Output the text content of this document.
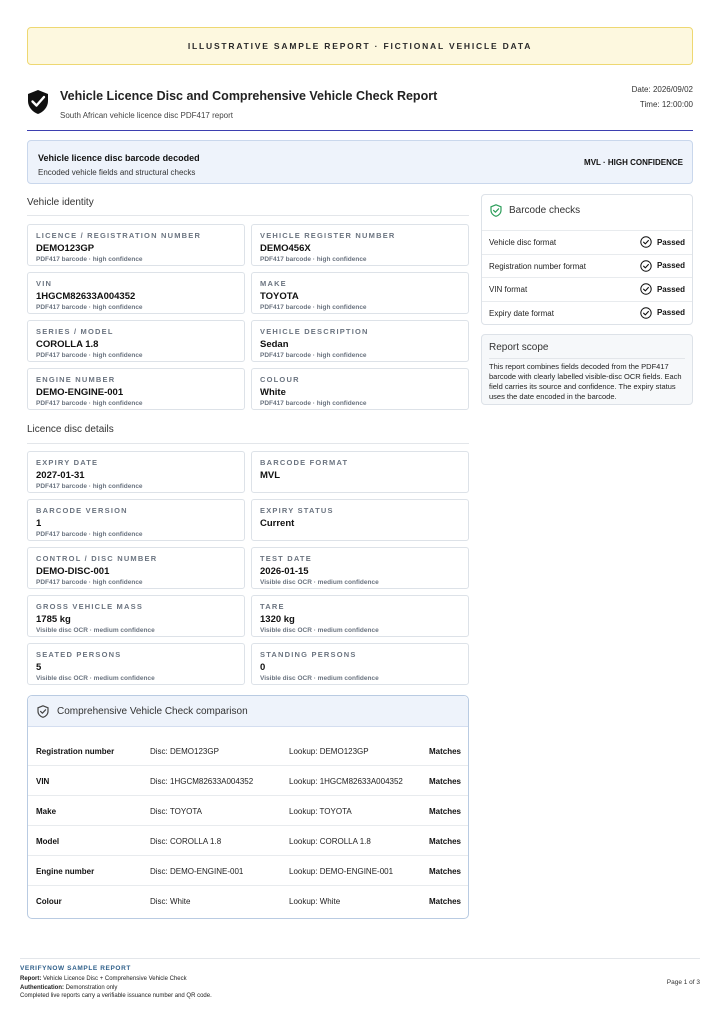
ILLUSTRATIVE SAMPLE REPORT · FICTIONAL VEHICLE DATA
Vehicle Licence Disc and Comprehensive Vehicle Check Report
South African vehicle licence disc PDF417 report
Date: 2026/09/02
Time: 12:00:00
Vehicle licence disc barcode decoded
Encoded vehicle fields and structural checks
MVL · HIGH CONFIDENCE
Vehicle identity
LICENCE / REGISTRATION NUMBER
DEMO123GP
PDF417 barcode · high confidence
VEHICLE REGISTER NUMBER
DEMO456X
PDF417 barcode · high confidence
VIN
1HGCM82633A004352
PDF417 barcode · high confidence
MAKE
TOYOTA
PDF417 barcode · high confidence
SERIES / MODEL
COROLLA 1.8
PDF417 barcode · high confidence
VEHICLE DESCRIPTION
Sedan
PDF417 barcode · high confidence
ENGINE NUMBER
DEMO-ENGINE-001
PDF417 barcode · high confidence
COLOUR
White
PDF417 barcode · high confidence
Licence disc details
EXPIRY DATE
2027-01-31
PDF417 barcode · high confidence
BARCODE FORMAT
MVL
BARCODE VERSION
1
PDF417 barcode · high confidence
EXPIRY STATUS
Current
CONTROL / DISC NUMBER
DEMO-DISC-001
PDF417 barcode · high confidence
TEST DATE
2026-01-15
Visible disc OCR · medium confidence
GROSS VEHICLE MASS
1785 kg
Visible disc OCR · medium confidence
TARE
1320 kg
Visible disc OCR · medium confidence
SEATED PERSONS
5
Visible disc OCR · medium confidence
STANDING PERSONS
0
Visible disc OCR · medium confidence
Barcode checks
Vehicle disc format	Passed
Registration number format	Passed
VIN format	Passed
Expiry date format	Passed
Report scope
This report combines fields decoded from the PDF417 barcode with clearly labelled visible-disc OCR fields. Each field carries its source and confidence. The expiry status uses the date encoded in the barcode.
Comprehensive Vehicle Check comparison
Registration number	Disc: DEMO123GP	Lookup: DEMO123GP	Matches
VIN	Disc: 1HGCM82633A004352	Lookup: 1HGCM82633A004352	Matches
Make	Disc: TOYOTA	Lookup: TOYOTA	Matches
Model	Disc: COROLLA 1.8	Lookup: COROLLA 1.8	Matches
Engine number	Disc: DEMO-ENGINE-001	Lookup: DEMO-ENGINE-001	Matches
Colour	Disc: White	Lookup: White	Matches
VERIFYNOW SAMPLE REPORT
Report: Vehicle Licence Disc + Comprehensive Vehicle Check
Authentication: Demonstration only
Completed live reports carry a verifiable issuance number and QR code.
Page 1 of 3
